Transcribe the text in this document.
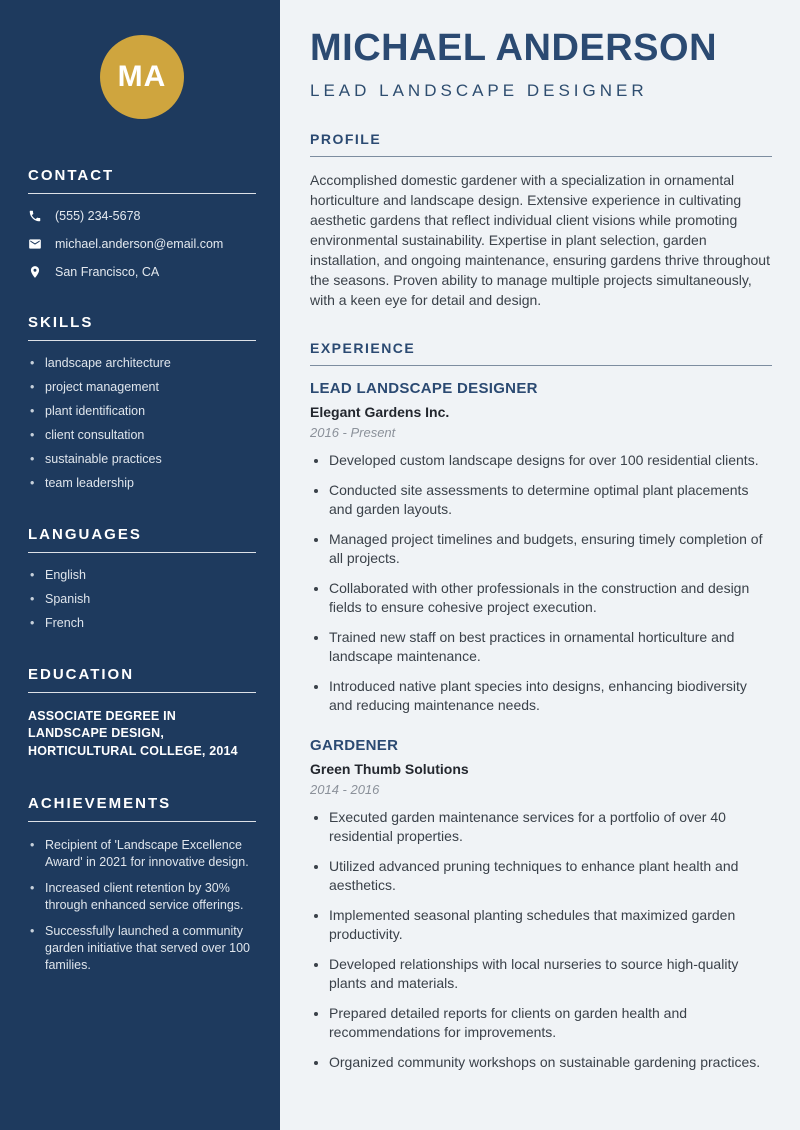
MA
CONTACT
(555) 234-5678
michael.anderson@email.com
San Francisco, CA
SKILLS
• landscape architecture
• project management
• plant identification
• client consultation
• sustainable practices
• team leadership
LANGUAGES
• English
• Spanish
• French
EDUCATION

ASSOCIATE DEGREE IN LANDSCAPE DESIGN, HORTICULTURAL COLLEGE, 2014

ACHIEVEMENTS
• Recipient of 'Landscape Excellence Award' in 2021 for innovative design.
• Increased client retention by 30% through enhanced service offerings.
• Successfully launched a community garden initiative that served over 100 families.
MICHAEL ANDERSON
LEAD LANDSCAPE DESIGNER
PROFILE

Accomplished domestic gardener with a specialization in ornamental horticulture and landscape design. Extensive experience in cultivating aesthetic gardens that reflect individual client visions while promoting environmental sustainability. Expertise in plant selection, garden installation, and ongoing maintenance, ensuring gardens thrive throughout the seasons. Proven ability to manage multiple projects simultaneously, with a keen eye for detail and design.

EXPERIENCE
LEAD LANDSCAPE DESIGNER
Elegant Gardens Inc.
2016 - Present
• Developed custom landscape designs for over 100 residential clients.
• Conducted site assessments to determine optimal plant placements and garden layouts.
• Managed project timelines and budgets, ensuring timely completion of all projects.
• Collaborated with other professionals in the construction and design fields to ensure cohesive project execution.
• Trained new staff on best practices in ornamental horticulture and landscape maintenance.
• Introduced native plant species into designs, enhancing biodiversity and reducing maintenance needs.
GARDENER
Green Thumb Solutions
2014 - 2016
• Executed garden maintenance services for a portfolio of over 40 residential properties.
• Utilized advanced pruning techniques to enhance plant health and aesthetics.
• Implemented seasonal planting schedules that maximized garden productivity.
• Developed relationships with local nurseries to source high-quality plants and materials.
• Prepared detailed reports for clients on garden health and recommendations for improvements.
• Organized community workshops on sustainable gardening practices.
